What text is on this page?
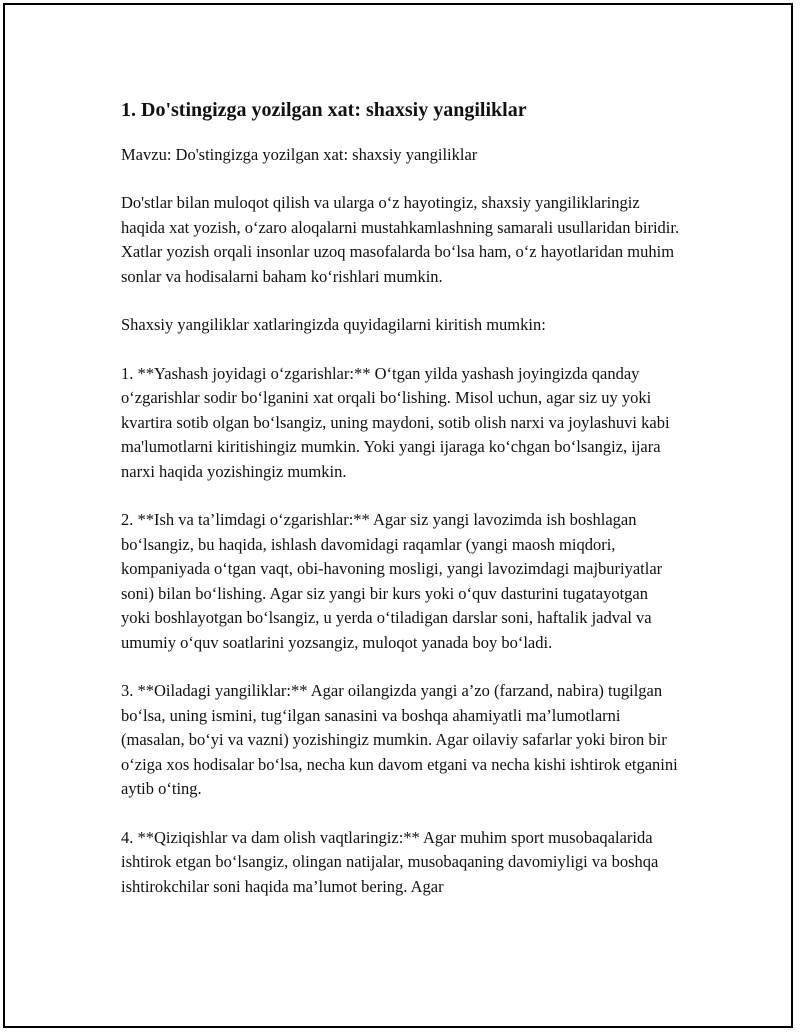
1. Do'stingizga yozilgan xat: shaxsiy yangiliklar

Mavzu: Do'stingizga yozilgan xat: shaxsiy yangiliklar

Do'stlar bilan muloqot qilish va ularga o‘z hayotingiz, shaxsiy yangiliklaringiz haqida xat yozish, o‘zaro aloqalarni mustahkamlashning samarali usullaridan biridir. Xatlar yozish orqali insonlar uzoq masofalarda bo‘lsa ham, o‘z hayotlaridan muhim sonlar va hodisalarni baham ko‘rishlari mumkin.

Shaxsiy yangiliklar xatlaringizda quyidagilarni kiritish mumkin:

1. **Yashash joyidagi o‘zgarishlar:** O‘tgan yilda yashash joyingizda qanday o‘zgarishlar sodir bo‘lganini xat orqali bo‘lishing. Misol uchun, agar siz uy yoki kvartira sotib olgan bo‘lsangiz, uning maydoni, sotib olish narxi va joylashuvi kabi ma'lumotlarni kiritishingiz mumkin. Yoki yangi ijaraga ko‘chgan bo‘lsangiz, ijara narxi haqida yozishingiz mumkin.

2. **Ish va ta’limdagi o‘zgarishlar:** Agar siz yangi lavozimda ish boshlagan bo‘lsangiz, bu haqida, ishlash davomidagi raqamlar (yangi maosh miqdori, kompaniyada o‘tgan vaqt, obi-havoning mosligi, yangi lavozimdagi majburiyatlar soni) bilan bo‘lishing. Agar siz yangi bir kurs yoki o‘quv dasturini tugatayotgan yoki boshlayotgan bo‘lsangiz, u yerda o‘tiladigan darslar soni, haftalik jadval va umumiy o‘quv soatlarini yozsangiz, muloqot yanada boy bo‘ladi.

3. **Oiladagi yangiliklar:** Agar oilangizda yangi a’zo (farzand, nabira) tugilgan bo‘lsa, uning ismini, tug‘ilgan sanasini va boshqa ahamiyatli ma’lumotlarni (masalan, bo‘yi va vazni) yozishingiz mumkin. Agar oilaviy safarlar yoki biron bir o‘ziga xos hodisalar bo‘lsa, necha kun davom etgani va necha kishi ishtirok etganini aytib o‘ting.

4. **Qiziqishlar va dam olish vaqtlaringiz:** Agar muhim sport musobaqalarida ishtirok etgan bo‘lsangiz, olingan natijalar, musobaqaning davomiyligi va boshqa ishtirokchilar soni haqida ma’lumot bering. Agar
